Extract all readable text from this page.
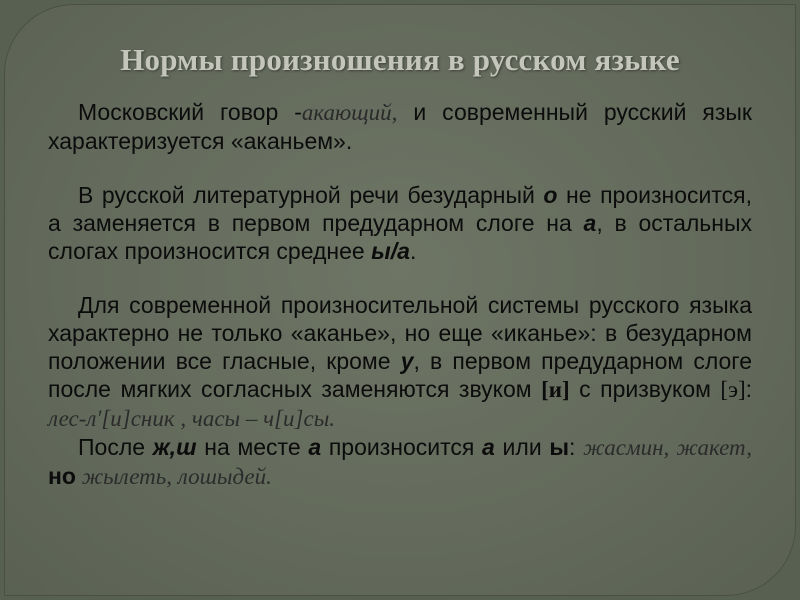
Нормы произношения в русском языке

Московский говор -акающий, и современный русский язык характеризуется «аканьем».

В русской литературной речи безударный о не произносится, а заменяется в первом предударном слоге на а, в остальных слогах произносится среднее ы/а.

Для современной произносительной системы русского языка характерно не только «аканье», но еще «иканье»: в безударном положении все гласные, кроме у, в первом предударном слоге после мягких согласных заменяются звуком [и] с призвуком [э]: лес-л'[и]сник , часы – ч[и]сы.

После ж,ш на месте а произносится а или ы: жасмин, жакет, но жылеть, лошыдей.
